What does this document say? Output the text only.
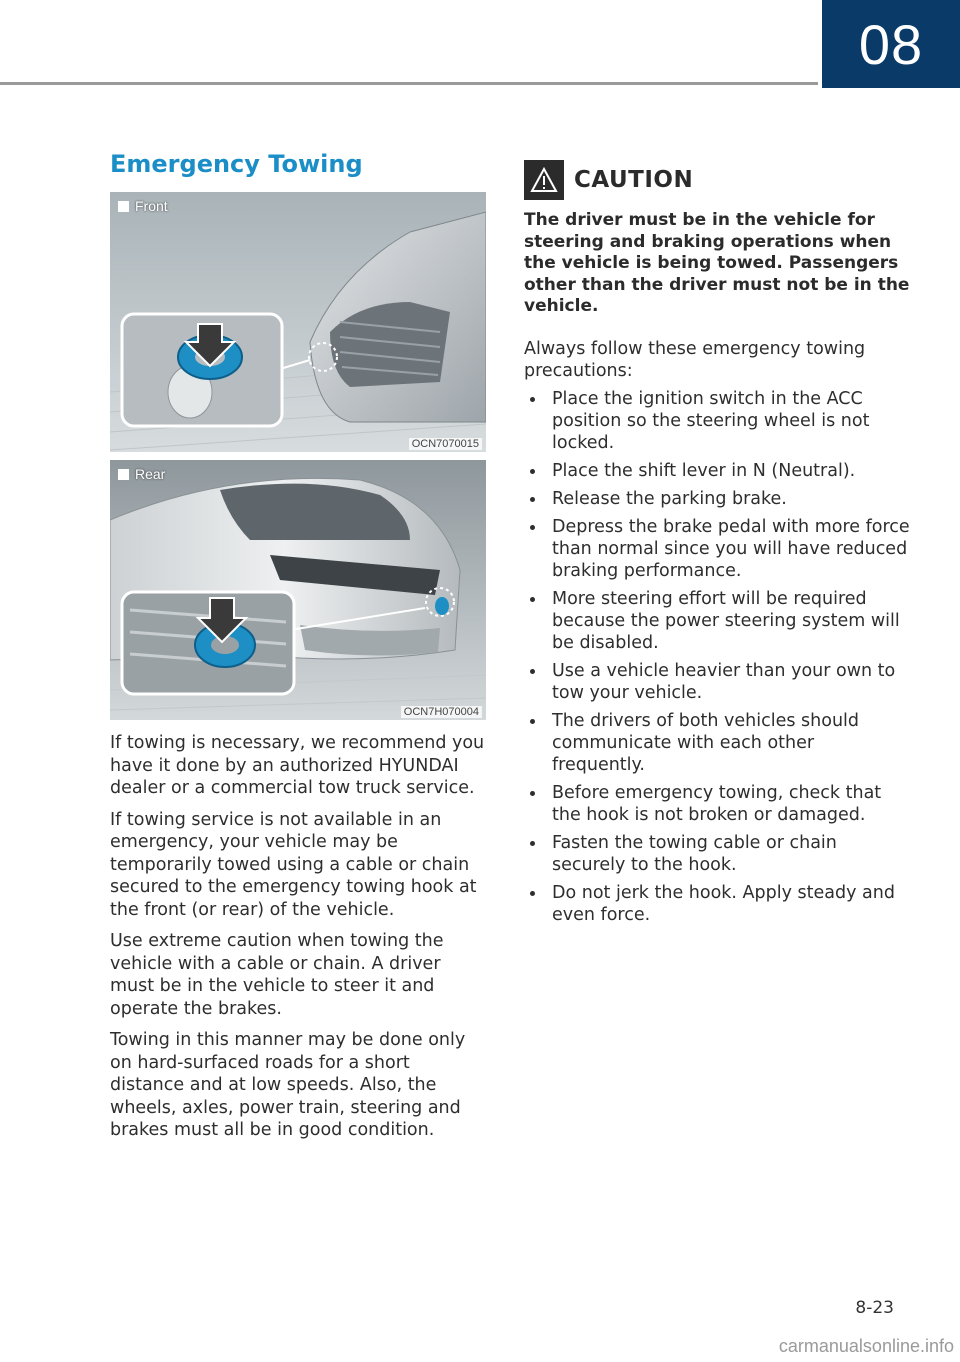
08
Emergency Towing
Front
OCN7070015
Rear
OCN7H070004

If towing is necessary, we recommend you have it done by an authorized HYUNDAI dealer or a commercial tow truck service.

If towing service is not available in an emergency, your vehicle may be temporarily towed using a cable or chain secured to the emergency towing hook at the front (or rear) of the vehicle.

Use extreme caution when towing the vehicle with a cable or chain. A driver must be in the vehicle to steer it and operate the brakes.

Towing in this manner may be done only on hard-surfaced roads for a short distance and at low speeds. Also, the wheels, axles, power train, steering and brakes must all be in good condition.

CAUTION

The driver must be in the vehicle for steering and braking operations when the vehicle is being towed. Passengers other than the driver must not be in the vehicle.

Always follow these emergency towing precautions:

Place the ignition switch in the ACC position so the steering wheel is not locked.
Place the shift lever in N (Neutral).
Release the parking brake.
Depress the brake pedal with more force than normal since you will have reduced braking performance.
More steering effort will be required because the power steering system will be disabled.
Use a vehicle heavier than your own to tow your vehicle.
The drivers of both vehicles should communicate with each other frequently.
Before emergency towing, check that the hook is not broken or damaged.
Fasten the towing cable or chain securely to the hook.
Do not jerk the hook. Apply steady and even force.
8-23
carmanualsonline.info
